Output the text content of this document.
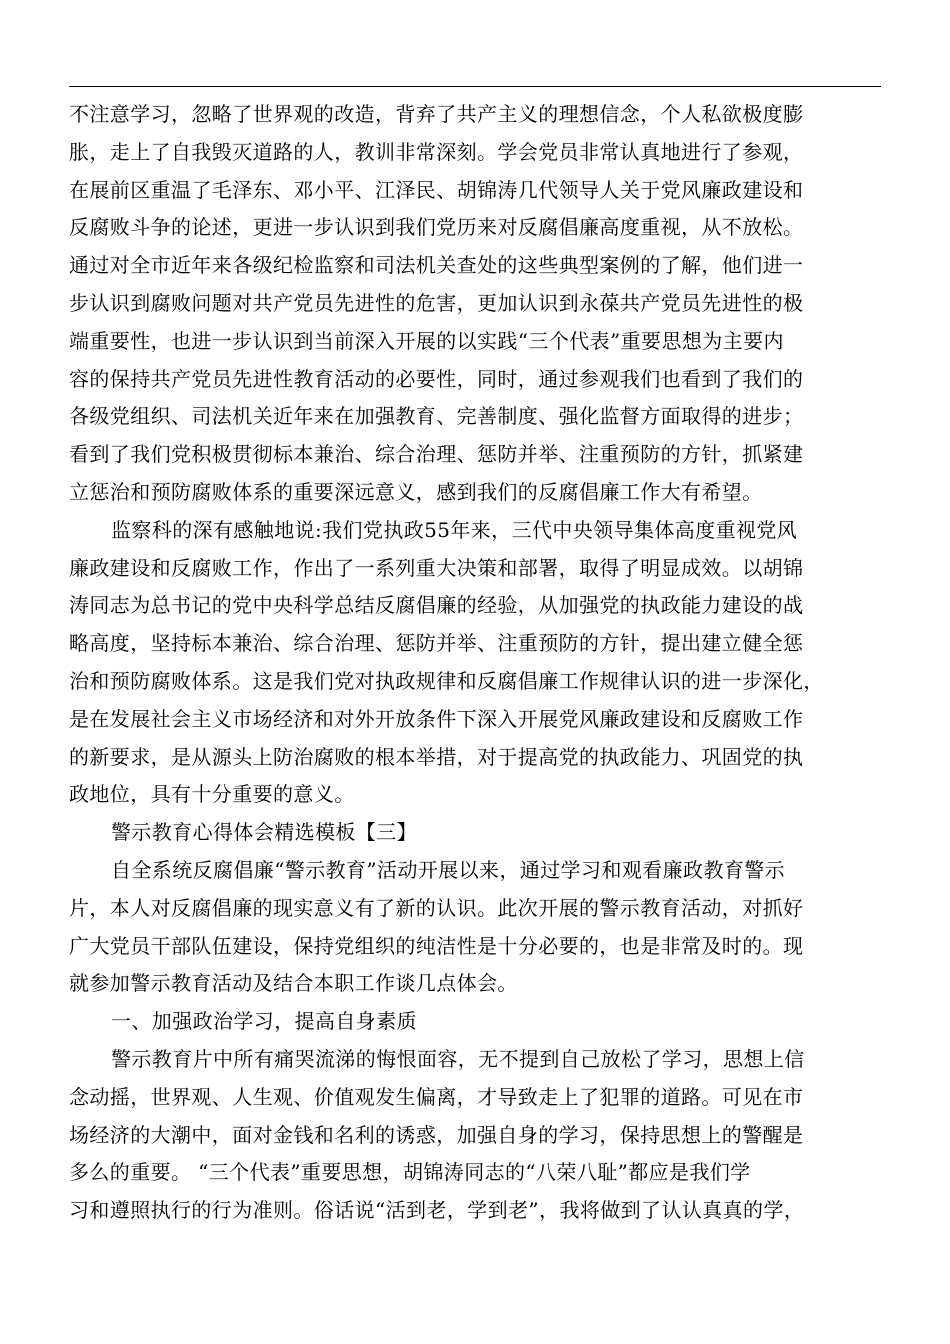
不注意学习，忽略了世界观的改造，背弃了共产主义的理想信念，个人私欲极度膨
胀，走上了自我毁灭道路的人，教训非常深刻。学会党员非常认真地进行了参观，
在展前区重温了毛泽东、邓小平、江泽民、胡锦涛几代领导人关于党风廉政建设和
反腐败斗争的论述，更进一步认识到我们党历来对反腐倡廉高度重视，从不放松。
通过对全市近年来各级纪检监察和司法机关查处的这些典型案例的了解，他们进一
步认识到腐败问题对共产党员先进性的危害，更加认识到永葆共产党员先进性的极
端重要性，也进一步认识到当前深入开展的以实践“三个代表”重要思想为主要内
容的保持共产党员先进性教育活动的必要性，同时，通过参观我们也看到了我们的
各级党组织、司法机关近年来在加强教育、完善制度、强化监督方面取得的进步；
看到了我们党积极贯彻标本兼治、综合治理、惩防并举、注重预防的方针，抓紧建
立惩治和预防腐败体系的重要深远意义，感到我们的反腐倡廉工作大有希望。
监察科的深有感触地说:我们党执政55年来，三代中央领导集体高度重视党风
廉政建设和反腐败工作，作出了一系列重大决策和部署，取得了明显成效。以胡锦
涛同志为总书记的党中央科学总结反腐倡廉的经验，从加强党的执政能力建设的战
略高度，坚持标本兼治、综合治理、惩防并举、注重预防的方针，提出建立健全惩
治和预防腐败体系。这是我们党对执政规律和反腐倡廉工作规律认识的进一步深化，
是在发展社会主义市场经济和对外开放条件下深入开展党风廉政建设和反腐败工作
的新要求，是从源头上防治腐败的根本举措，对于提高党的执政能力、巩固党的执
政地位，具有十分重要的意义。
警示教育心得体会精选模板【三】
自全系统反腐倡廉“警示教育”活动开展以来，通过学习和观看廉政教育警示
片，本人对反腐倡廉的现实意义有了新的认识。此次开展的警示教育活动，对抓好
广大党员干部队伍建设，保持党组织的纯洁性是十分必要的，也是非常及时的。现
就参加警示教育活动及结合本职工作谈几点体会。
一、加强政治学习，提高自身素质
警示教育片中所有痛哭流涕的悔恨面容，无不提到自己放松了学习，思想上信
念动摇，世界观、人生观、价值观发生偏离，才导致走上了犯罪的道路。可见在市
场经济的大潮中，面对金钱和名利的诱惑，加强自身的学习，保持思想上的警醒是
多么的重要。 “三个代表”重要思想，胡锦涛同志的“八荣八耻”都应是我们学
习和遵照执行的行为准则。俗话说“活到老，学到老”，我将做到了认认真真的学，
